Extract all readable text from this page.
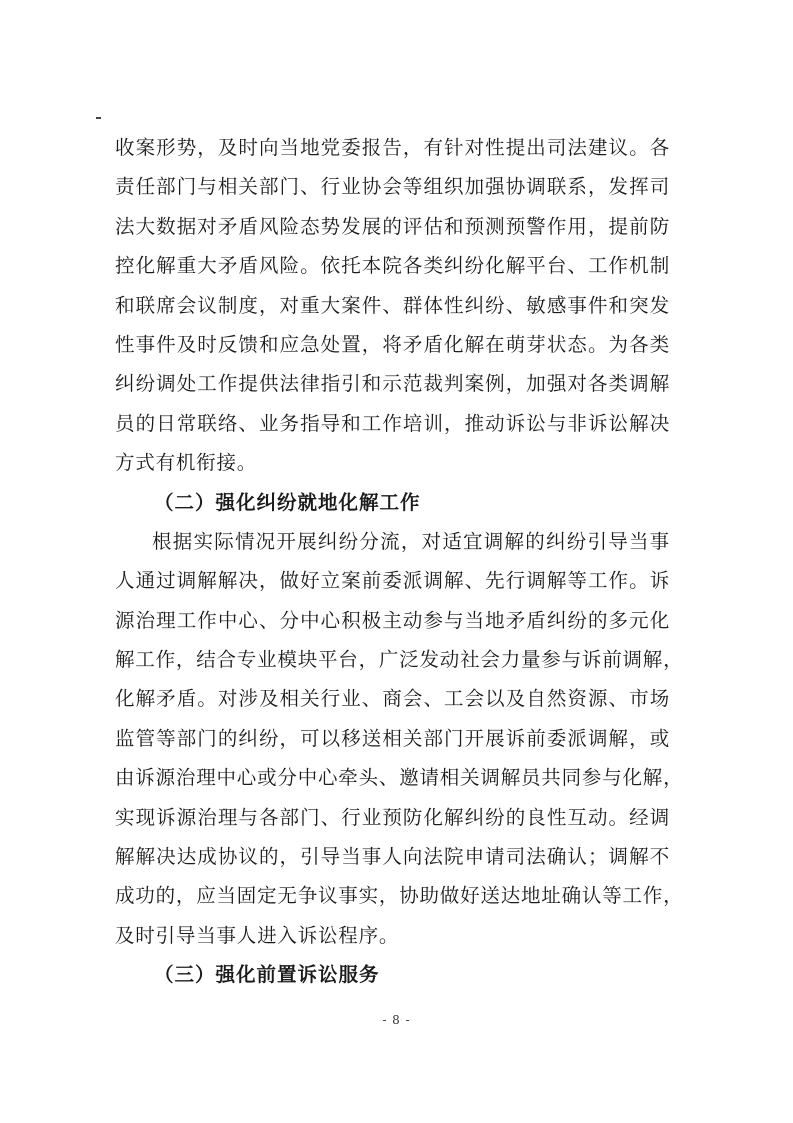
收案形势，及时向当地党委报告，有针对性提出司法建议。各
责任部门与相关部门、行业协会等组织加强协调联系，发挥司
法大数据对矛盾风险态势发展的评估和预测预警作用，提前防
控化解重大矛盾风险。依托本院各类纠纷化解平台、工作机制
和联席会议制度，对重大案件、群体性纠纷、敏感事件和突发
性事件及时反馈和应急处置，将矛盾化解在萌芽状态。为各类
纠纷调处工作提供法律指引和示范裁判案例，加强对各类调解
员的日常联络、业务指导和工作培训，推动诉讼与非诉讼解决
方式有机衔接。
（二）强化纠纷就地化解工作
根据实际情况开展纠纷分流，对适宜调解的纠纷引导当事
人通过调解解决，做好立案前委派调解、先行调解等工作。诉
源治理工作中心、分中心积极主动参与当地矛盾纠纷的多元化
解工作，结合专业模块平台，广泛发动社会力量参与诉前调解，
化解矛盾。对涉及相关行业、商会、工会以及自然资源、市场
监管等部门的纠纷，可以移送相关部门开展诉前委派调解，或
由诉源治理中心或分中心牵头、邀请相关调解员共同参与化解，
实现诉源治理与各部门、行业预防化解纠纷的良性互动。经调
解解决达成协议的，引导当事人向法院申请司法确认；调解不
成功的，应当固定无争议事实，协助做好送达地址确认等工作，
及时引导当事人进入诉讼程序。
（三）强化前置诉讼服务
- 8 -
